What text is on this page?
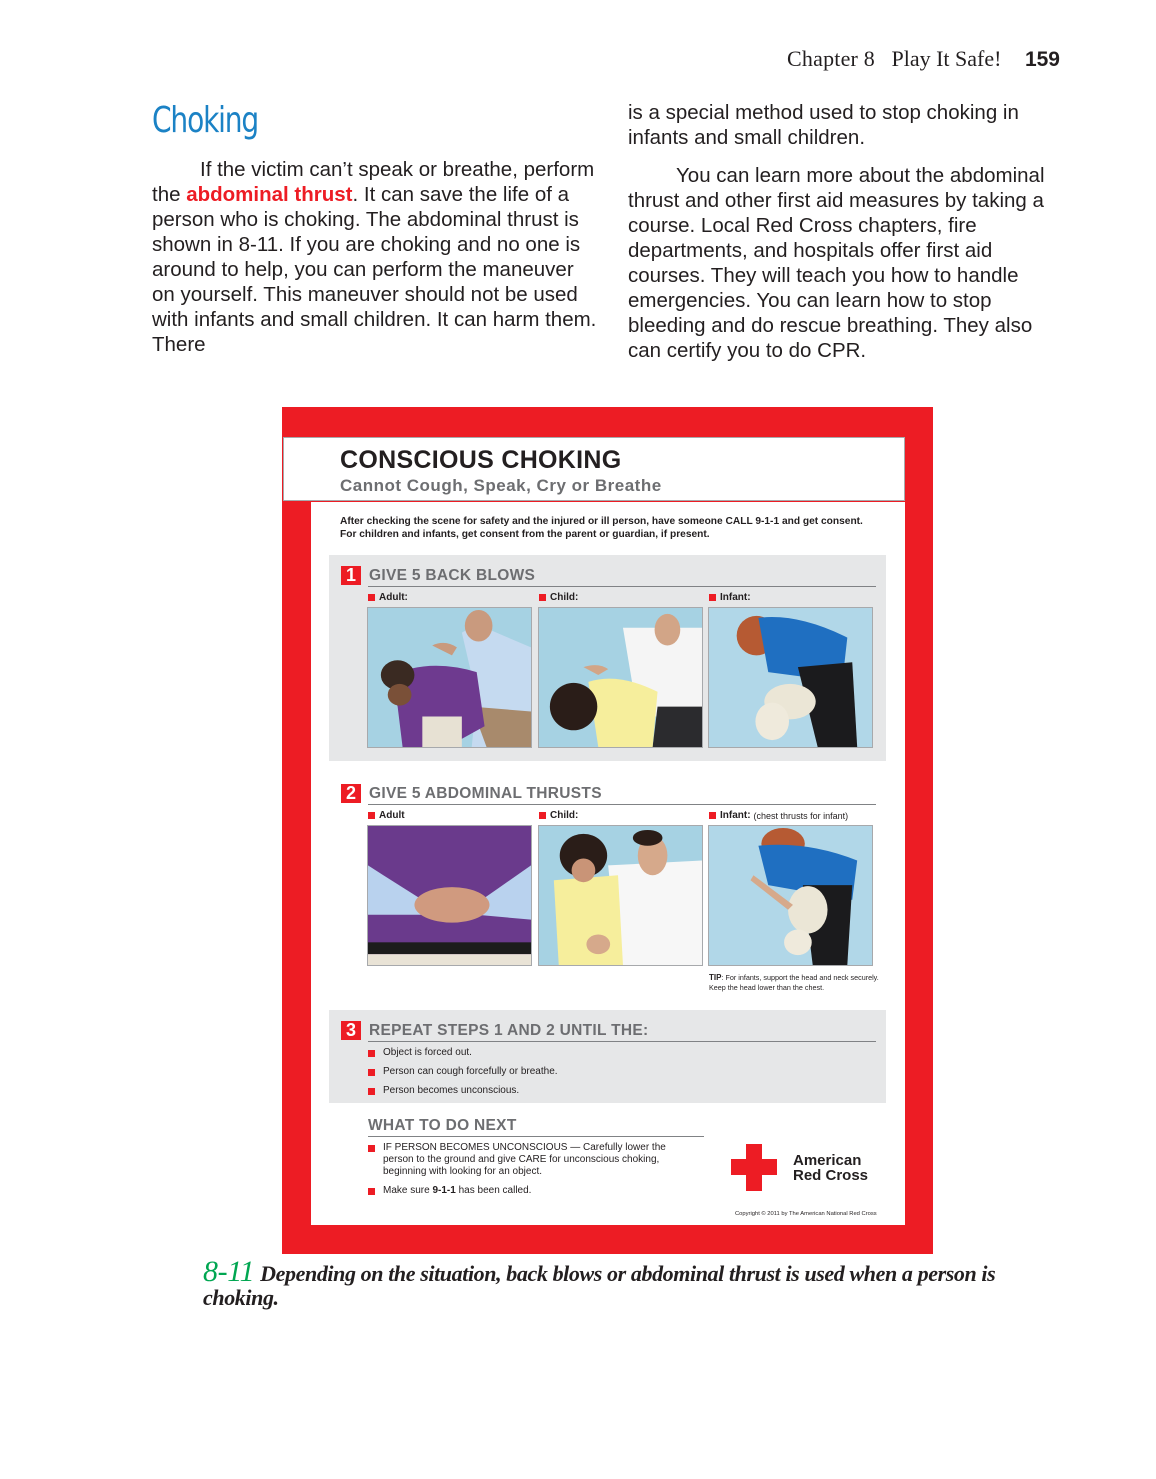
Chapter 8 Play It Safe! 159
Choking

If the victim can’t speak or breathe, perform the abdominal thrust. It can save the life of a person who is choking. The abdominal thrust is shown in 8-11. If you are choking and no one is around to help, you can perform the maneuver on yourself. This maneuver should not be used with infants and small children. It can harm them. There

is a special method used to stop choking in infants and small children.

You can learn more about the abdominal thrust and other first aid measures by taking a course. Local Red Cross chapters, fire departments, and hospitals offer first aid courses. They will teach you how to handle emergencies. You can learn how to stop bleeding and do rescue breathing. They also can certify you to do CPR.

CONSCIOUS CHOKING
Cannot Cough, Speak, Cry or Breathe
After checking the scene for safety and the injured or ill person, have someone CALL 9-1-1 and get consent. For children and infants, get consent from the parent or guardian, if present.
1 GIVE 5 BACK BLOWS
Adult:	Child:	Infant:
2 GIVE 5 ABDOMINAL THRUSTS
Adult	Child:	Infant: (chest thrusts for infant)
TIP: For infants, support the head and neck securely. Keep the head lower than the chest.
3 REPEAT STEPS 1 AND 2 UNTIL THE:
Object is forced out.
Person can cough forcefully or breathe.
Person becomes unconscious.
WHAT TO DO NEXT
IF PERSON BECOMES UNCONSCIOUS — Carefully lower the person to the ground and give CARE for unconscious choking, beginning with looking for an object.
Make sure 9-1-1 has been called.
American
Red Cross
Copyright © 2011 by The American National Red Cross
8-11 Depending on the situation, back blows or abdominal thrust is used when a person is choking.
